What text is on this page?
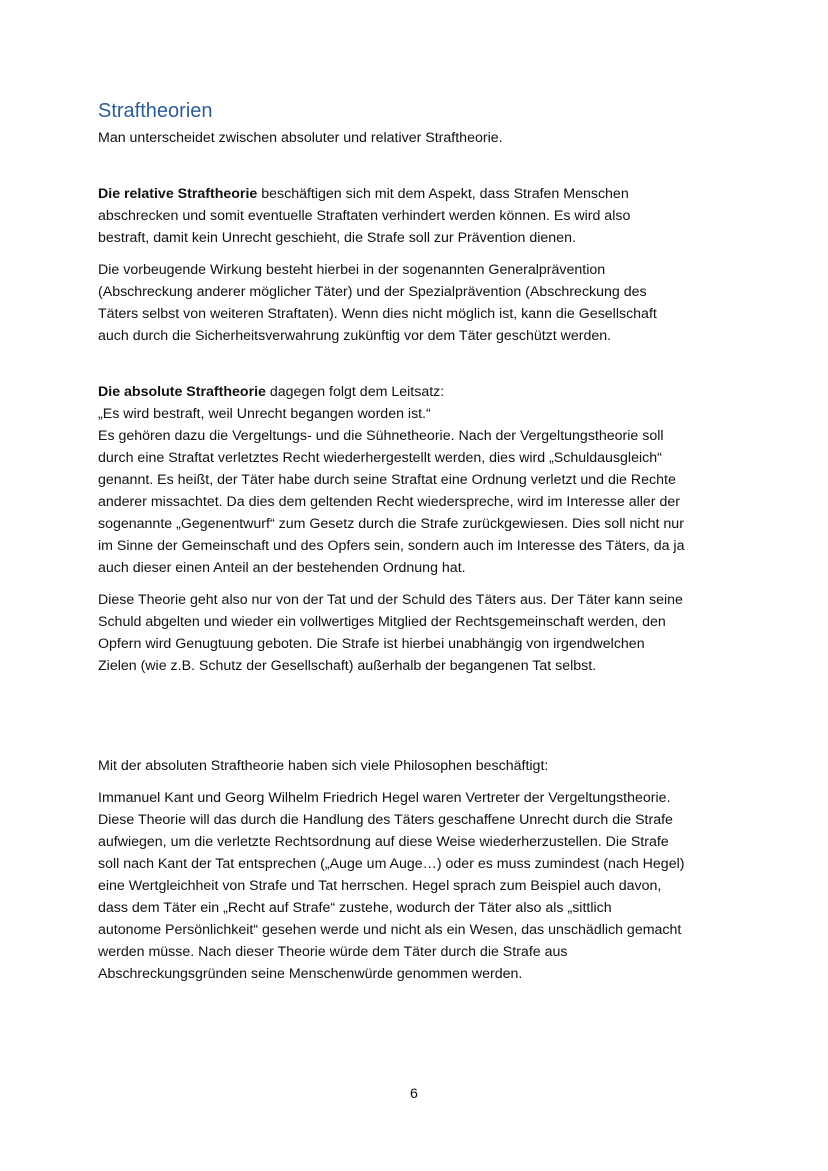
Straftheorien

Man unterscheidet zwischen absoluter und relativer Straftheorie.

Die relative Straftheorie beschäftigen sich mit dem Aspekt, dass Strafen Menschen

abschrecken und somit eventuelle Straftaten verhindert werden können. Es wird also

bestraft, damit kein Unrecht geschieht, die Strafe soll zur Prävention dienen.

Die vorbeugende Wirkung besteht hierbei in der sogenannten Generalprävention

(Abschreckung anderer möglicher Täter) und der Spezialprävention (Abschreckung des

Täters selbst von weiteren Straftaten). Wenn dies nicht möglich ist, kann die Gesellschaft

auch durch die Sicherheitsverwahrung zukünftig vor dem Täter geschützt werden.

Die absolute Straftheorie dagegen folgt dem Leitsatz:

„Es wird bestraft, weil Unrecht begangen worden ist.“

Es gehören dazu die Vergeltungs- und die Sühnetheorie. Nach der Vergeltungstheorie soll

durch eine Straftat verletztes Recht wiederhergestellt werden, dies wird „Schuldausgleich“

genannt. Es heißt, der Täter habe durch seine Straftat eine Ordnung verletzt und die Rechte

anderer missachtet. Da dies dem geltenden Recht wiederspreche, wird im Interesse aller der

sogenannte „Gegenentwurf“ zum Gesetz durch die Strafe zurückgewiesen. Dies soll nicht nur

im Sinne der Gemeinschaft und des Opfers sein, sondern auch im Interesse des Täters, da ja

auch dieser einen Anteil an der bestehenden Ordnung hat.

Diese Theorie geht also nur von der Tat und der Schuld des Täters aus. Der Täter kann seine

Schuld abgelten und wieder ein vollwertiges Mitglied der Rechtsgemeinschaft werden, den

Opfern wird Genugtuung geboten. Die Strafe ist hierbei unabhängig von irgendwelchen

Zielen (wie z.B. Schutz der Gesellschaft) außerhalb der begangenen Tat selbst.

Mit der absoluten Straftheorie haben sich viele Philosophen beschäftigt:

Immanuel Kant und Georg Wilhelm Friedrich Hegel waren Vertreter der Vergeltungstheorie.

Diese Theorie will das durch die Handlung des Täters geschaffene Unrecht durch die Strafe

aufwiegen, um die verletzte Rechtsordnung auf diese Weise wiederherzustellen. Die Strafe

soll nach Kant der Tat entsprechen („Auge um Auge…) oder es muss zumindest (nach Hegel)

eine Wertgleichheit von Strafe und Tat herrschen. Hegel sprach zum Beispiel auch davon,

dass dem Täter ein „Recht auf Strafe“ zustehe, wodurch der Täter also als „sittlich

autonome Persönlichkeit“ gesehen werde und nicht als ein Wesen, das unschädlich gemacht

werden müsse. Nach dieser Theorie würde dem Täter durch die Strafe aus

Abschreckungsgründen seine Menschenwürde genommen werden.

6
